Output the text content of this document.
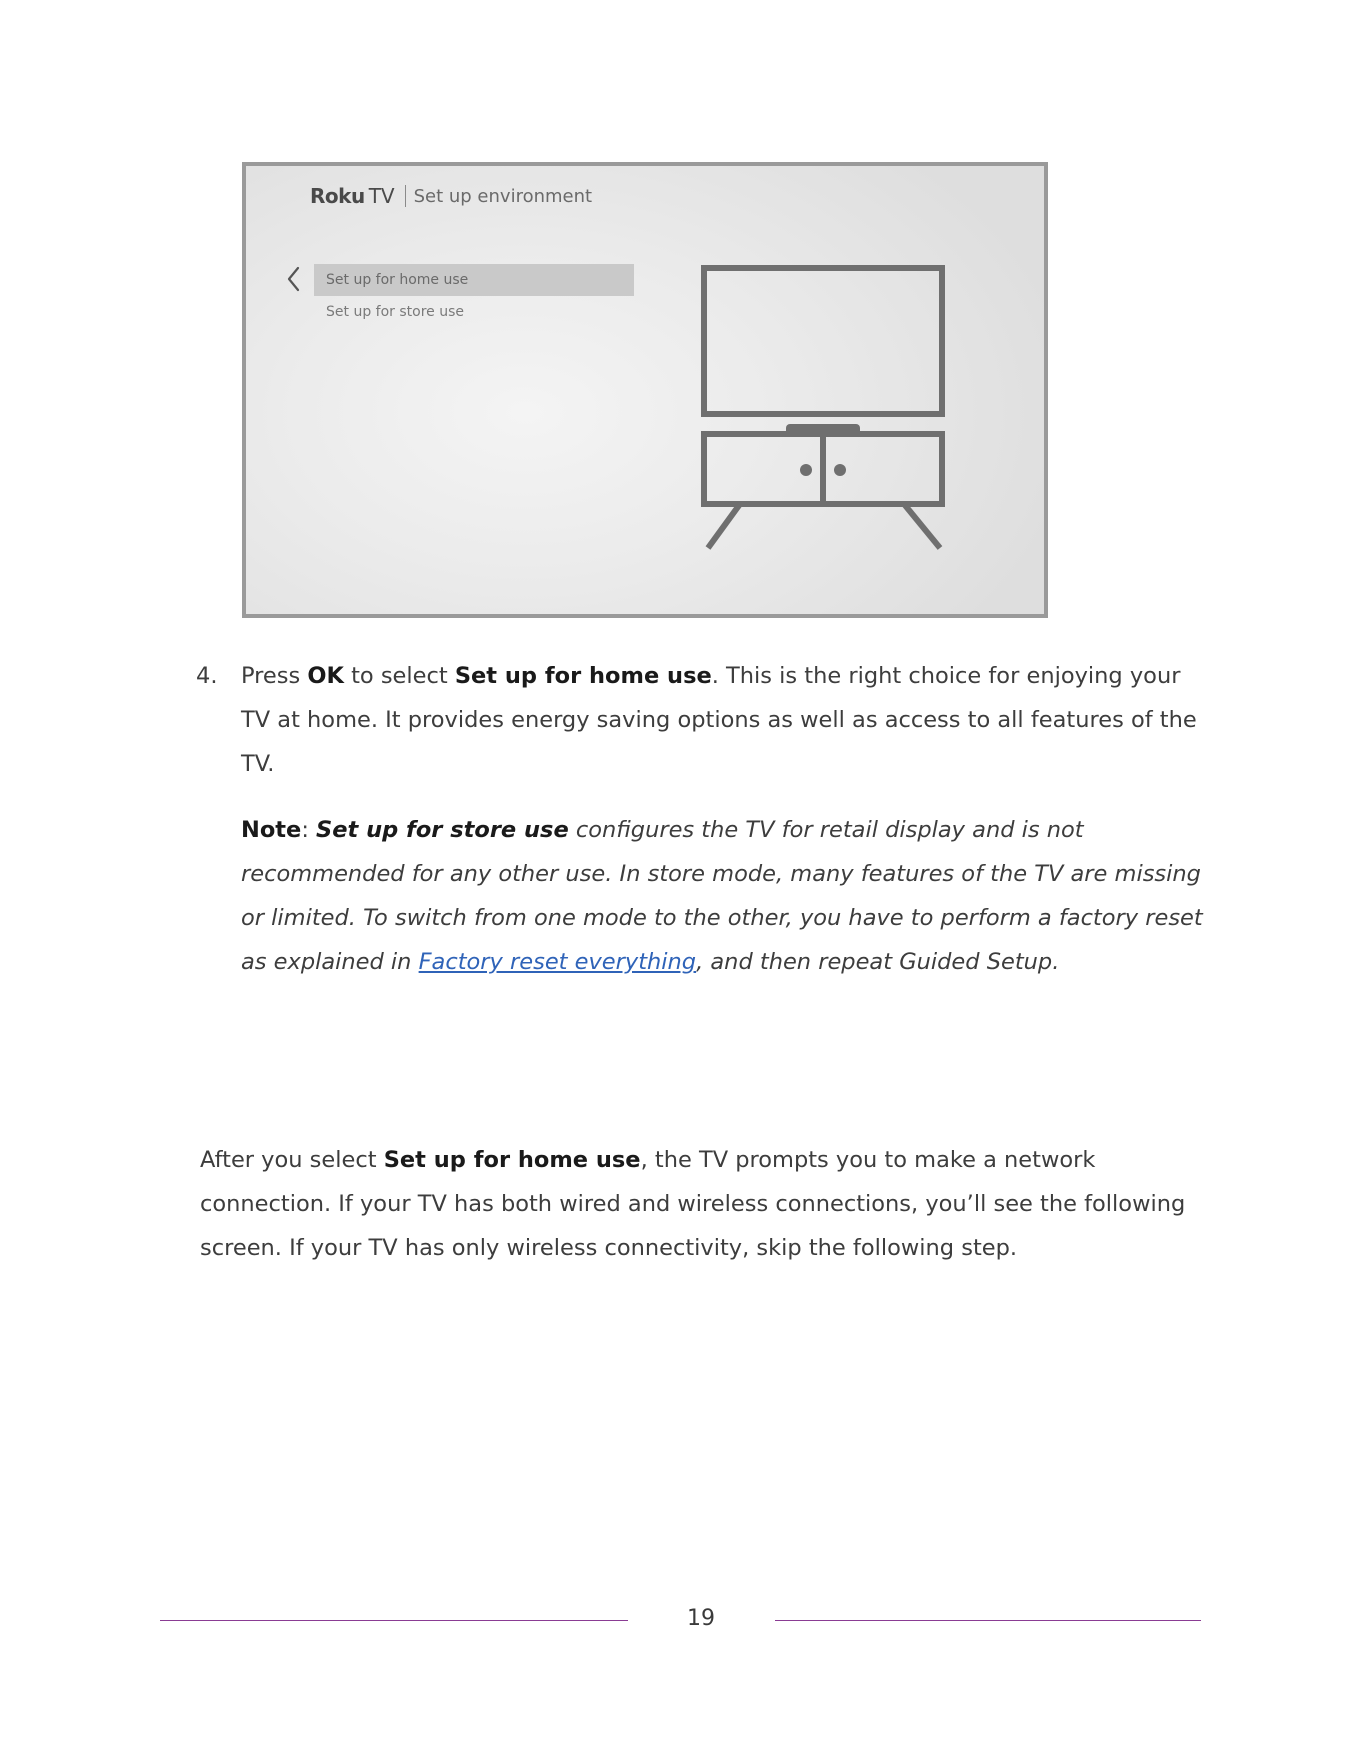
Roku TV Set up environment
Set up for home use
Set up for store use
4. Press OK to select Set up for home use. This is the right choice for enjoying your TV at home. It provides energy saving options as well as access to all features of the TV.
Note: Set up for store use configures the TV for retail display and is not recommended for any other use. In store mode, many features of the TV are missing or limited. To switch from one mode to the other, you have to perform a factory reset as explained in Factory reset everything, and then repeat Guided Setup.
After you select Set up for home use, the TV prompts you to make a network connection. If your TV has both wired and wireless connections, you’ll see the following screen. If your TV has only wireless connectivity, skip the following step.
19
